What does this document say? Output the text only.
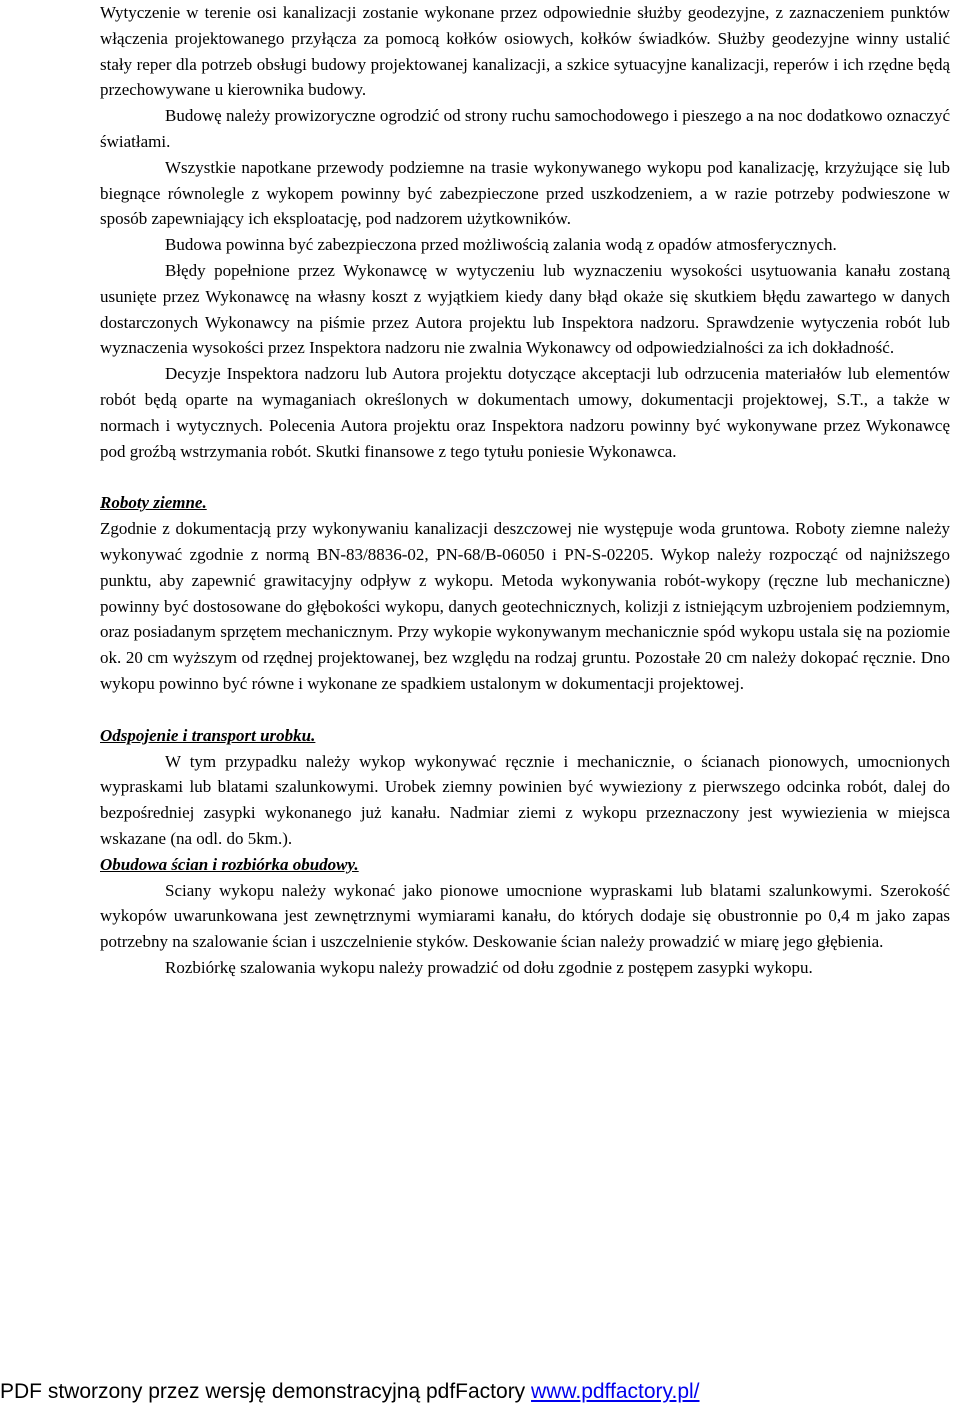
Wytyczenie w terenie osi kanalizacji zostanie wykonane przez odpowiednie służby geodezyjne, z zaznaczeniem punktów włączenia projektowanego przyłącza za pomocą kołków osiowych, kołków świadków. Służby geodezyjne winny ustalić stały reper dla potrzeb obsługi budowy projektowanej kanalizacji, a szkice sytuacyjne kanalizacji, reperów i ich rzędne będą przechowywane u kierownika budowy.

Budowę należy prowizoryczne ogrodzić od strony ruchu samochodowego i pieszego a na noc dodatkowo oznaczyć światłami.

Wszystkie napotkane przewody podziemne na trasie wykonywanego wykopu pod kanalizację, krzyżujące się lub biegnące równolegle z wykopem powinny być zabezpieczone przed uszkodzeniem, a w razie potrzeby podwieszone w sposób zapewniający ich eksploatację, pod nadzorem użytkowników.

Budowa powinna być zabezpieczona przed możliwością zalania wodą z opadów atmosferycznych.

Błędy popełnione przez Wykonawcę w wytyczeniu lub wyznaczeniu wysokości usytuowania kanału zostaną usunięte przez Wykonawcę na własny koszt z wyjątkiem kiedy dany błąd okaże się skutkiem błędu zawartego w danych dostarczonych Wykonawcy na piśmie przez Autora projektu lub Inspektora nadzoru. Sprawdzenie wytyczenia robót lub wyznaczenia wysokości przez Inspektora nadzoru nie zwalnia Wykonawcy od odpowiedzialności za ich dokładność.

Decyzje Inspektora nadzoru lub Autora projektu dotyczące akceptacji lub odrzucenia materiałów lub elementów robót będą oparte na wymaganiach określonych w dokumentach umowy, dokumentacji projektowej, S.T., a także w normach i wytycznych. Polecenia Autora projektu oraz Inspektora nadzoru powinny być wykonywane przez Wykonawcę pod groźbą wstrzymania robót. Skutki finansowe z tego tytułu poniesie Wykonawca.

Roboty ziemne.

Zgodnie z dokumentacją przy wykonywaniu kanalizacji deszczowej nie występuje woda gruntowa. Roboty ziemne należy wykonywać zgodnie z normą BN-83/8836-02, PN-68/B-06050 i PN-S-02205. Wykop należy rozpocząć od najniższego punktu, aby zapewnić grawitacyjny odpływ z wykopu. Metoda wykonywania robót-wykopy (ręczne lub mechaniczne) powinny być dostosowane do głębokości wykopu, danych geotechnicznych, kolizji z istniejącym uzbrojeniem podziemnym, oraz posiadanym sprzętem mechanicznym. Przy wykopie wykonywanym mechanicznie spód wykopu ustala się na poziomie ok. 20 cm wyższym od rzędnej projektowanej, bez względu na rodzaj gruntu. Pozostałe 20 cm należy dokopać ręcznie. Dno wykopu powinno być równe i wykonane ze spadkiem ustalonym w dokumentacji projektowej.

Odspojenie i transport urobku.

W tym przypadku należy wykop wykonywać ręcznie i mechanicznie, o ścianach pionowych, umocnionych wypraskami lub blatami szalunkowymi. Urobek ziemny powinien być wywieziony z pierwszego odcinka robót, dalej do bezpośredniej zasypki wykonanego już kanału. Nadmiar ziemi z wykopu przeznaczony jest wywiezienia w miejsca wskazane (na odl. do 5km.).

Obudowa ścian i rozbiórka obudowy.

Sciany wykopu należy wykonać jako pionowe umocnione wypraskami lub blatami szalunkowymi. Szerokość wykopów uwarunkowana jest zewnętrznymi wymiarami kanału, do których dodaje się obustronnie po 0,4 m jako zapas potrzebny na szalowanie ścian i uszczelnienie styków. Deskowanie ścian należy prowadzić w miarę jego głębienia.

Rozbiórkę szalowania wykopu należy prowadzić od dołu zgodnie z postępem zasypki wykopu.

PDF stworzony przez wersję demonstracyjną pdfFactory www.pdffactory.pl/
